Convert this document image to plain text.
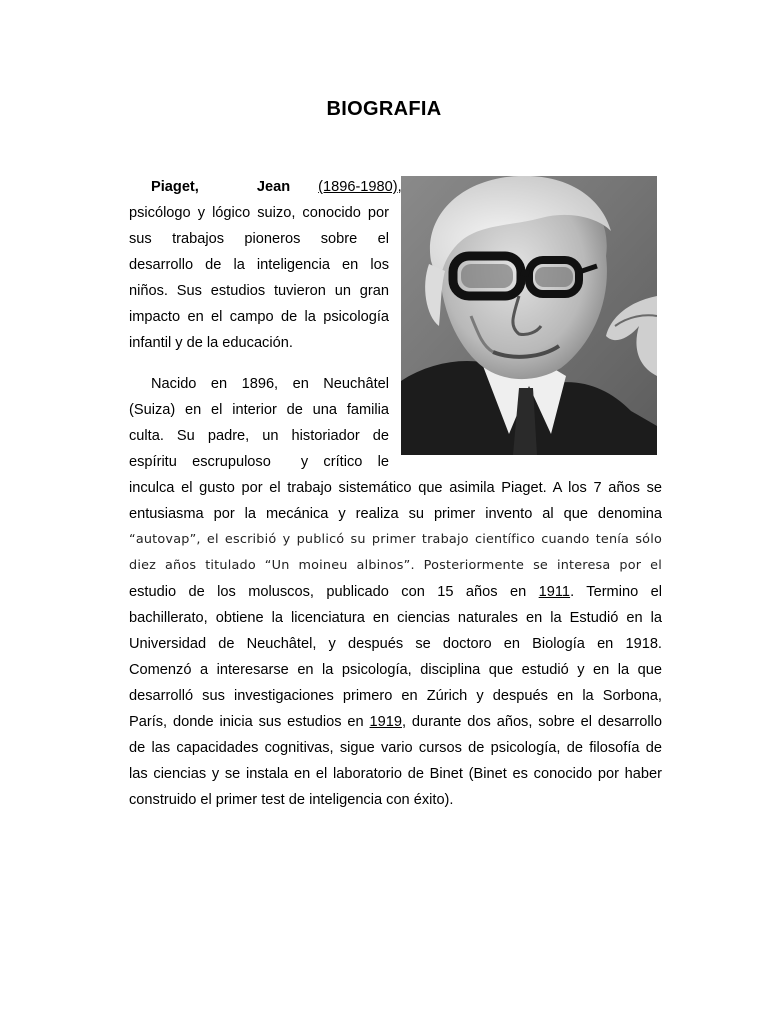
BIOGRAFIA
Piaget,	Jean (1896-1980),
psicólogo y lógico suizo, conocido por
sus trabajos pioneros sobre el
desarrollo de la inteligencia en los
niños. Sus estudios tuvieron un gran
impacto en el campo de la psicología
infantil y de la educación.
Nacido en 1896, en Neuchâtel
(Suiza) en el interior de una familia
culta. Su padre, un historiador de
espíritu escrupuloso y crítico le
inculca el gusto por el trabajo sistemático que asimila Piaget. A los 7 años se
entusiasma por la mecánica y realiza su primer invento al que denomina
“autovap”, el escribió y publicó su primer trabajo científico cuando tenía sólo
diez años titulado “Un moineu albinos”. Posteriormente se interesa por el
estudio de los moluscos, publicado con 15 años en 1911. Termino el
bachillerato, obtiene la licenciatura en ciencias naturales en la Estudió en la
Universidad de Neuchâtel, y después se doctoro en Biología en 1918.
Comenzó a interesarse en la psicología, disciplina que estudió y en la que
desarrolló sus investigaciones primero en Zúrich y después en la Sorbona,
París, donde inicia sus estudios en 1919, durante dos años, sobre el desarrollo
de las capacidades cognitivas, sigue vario cursos de psicología, de filosofía de
las ciencias y se instala en el laboratorio de Binet (Binet es conocido por haber
construido el primer test de inteligencia con éxito).
